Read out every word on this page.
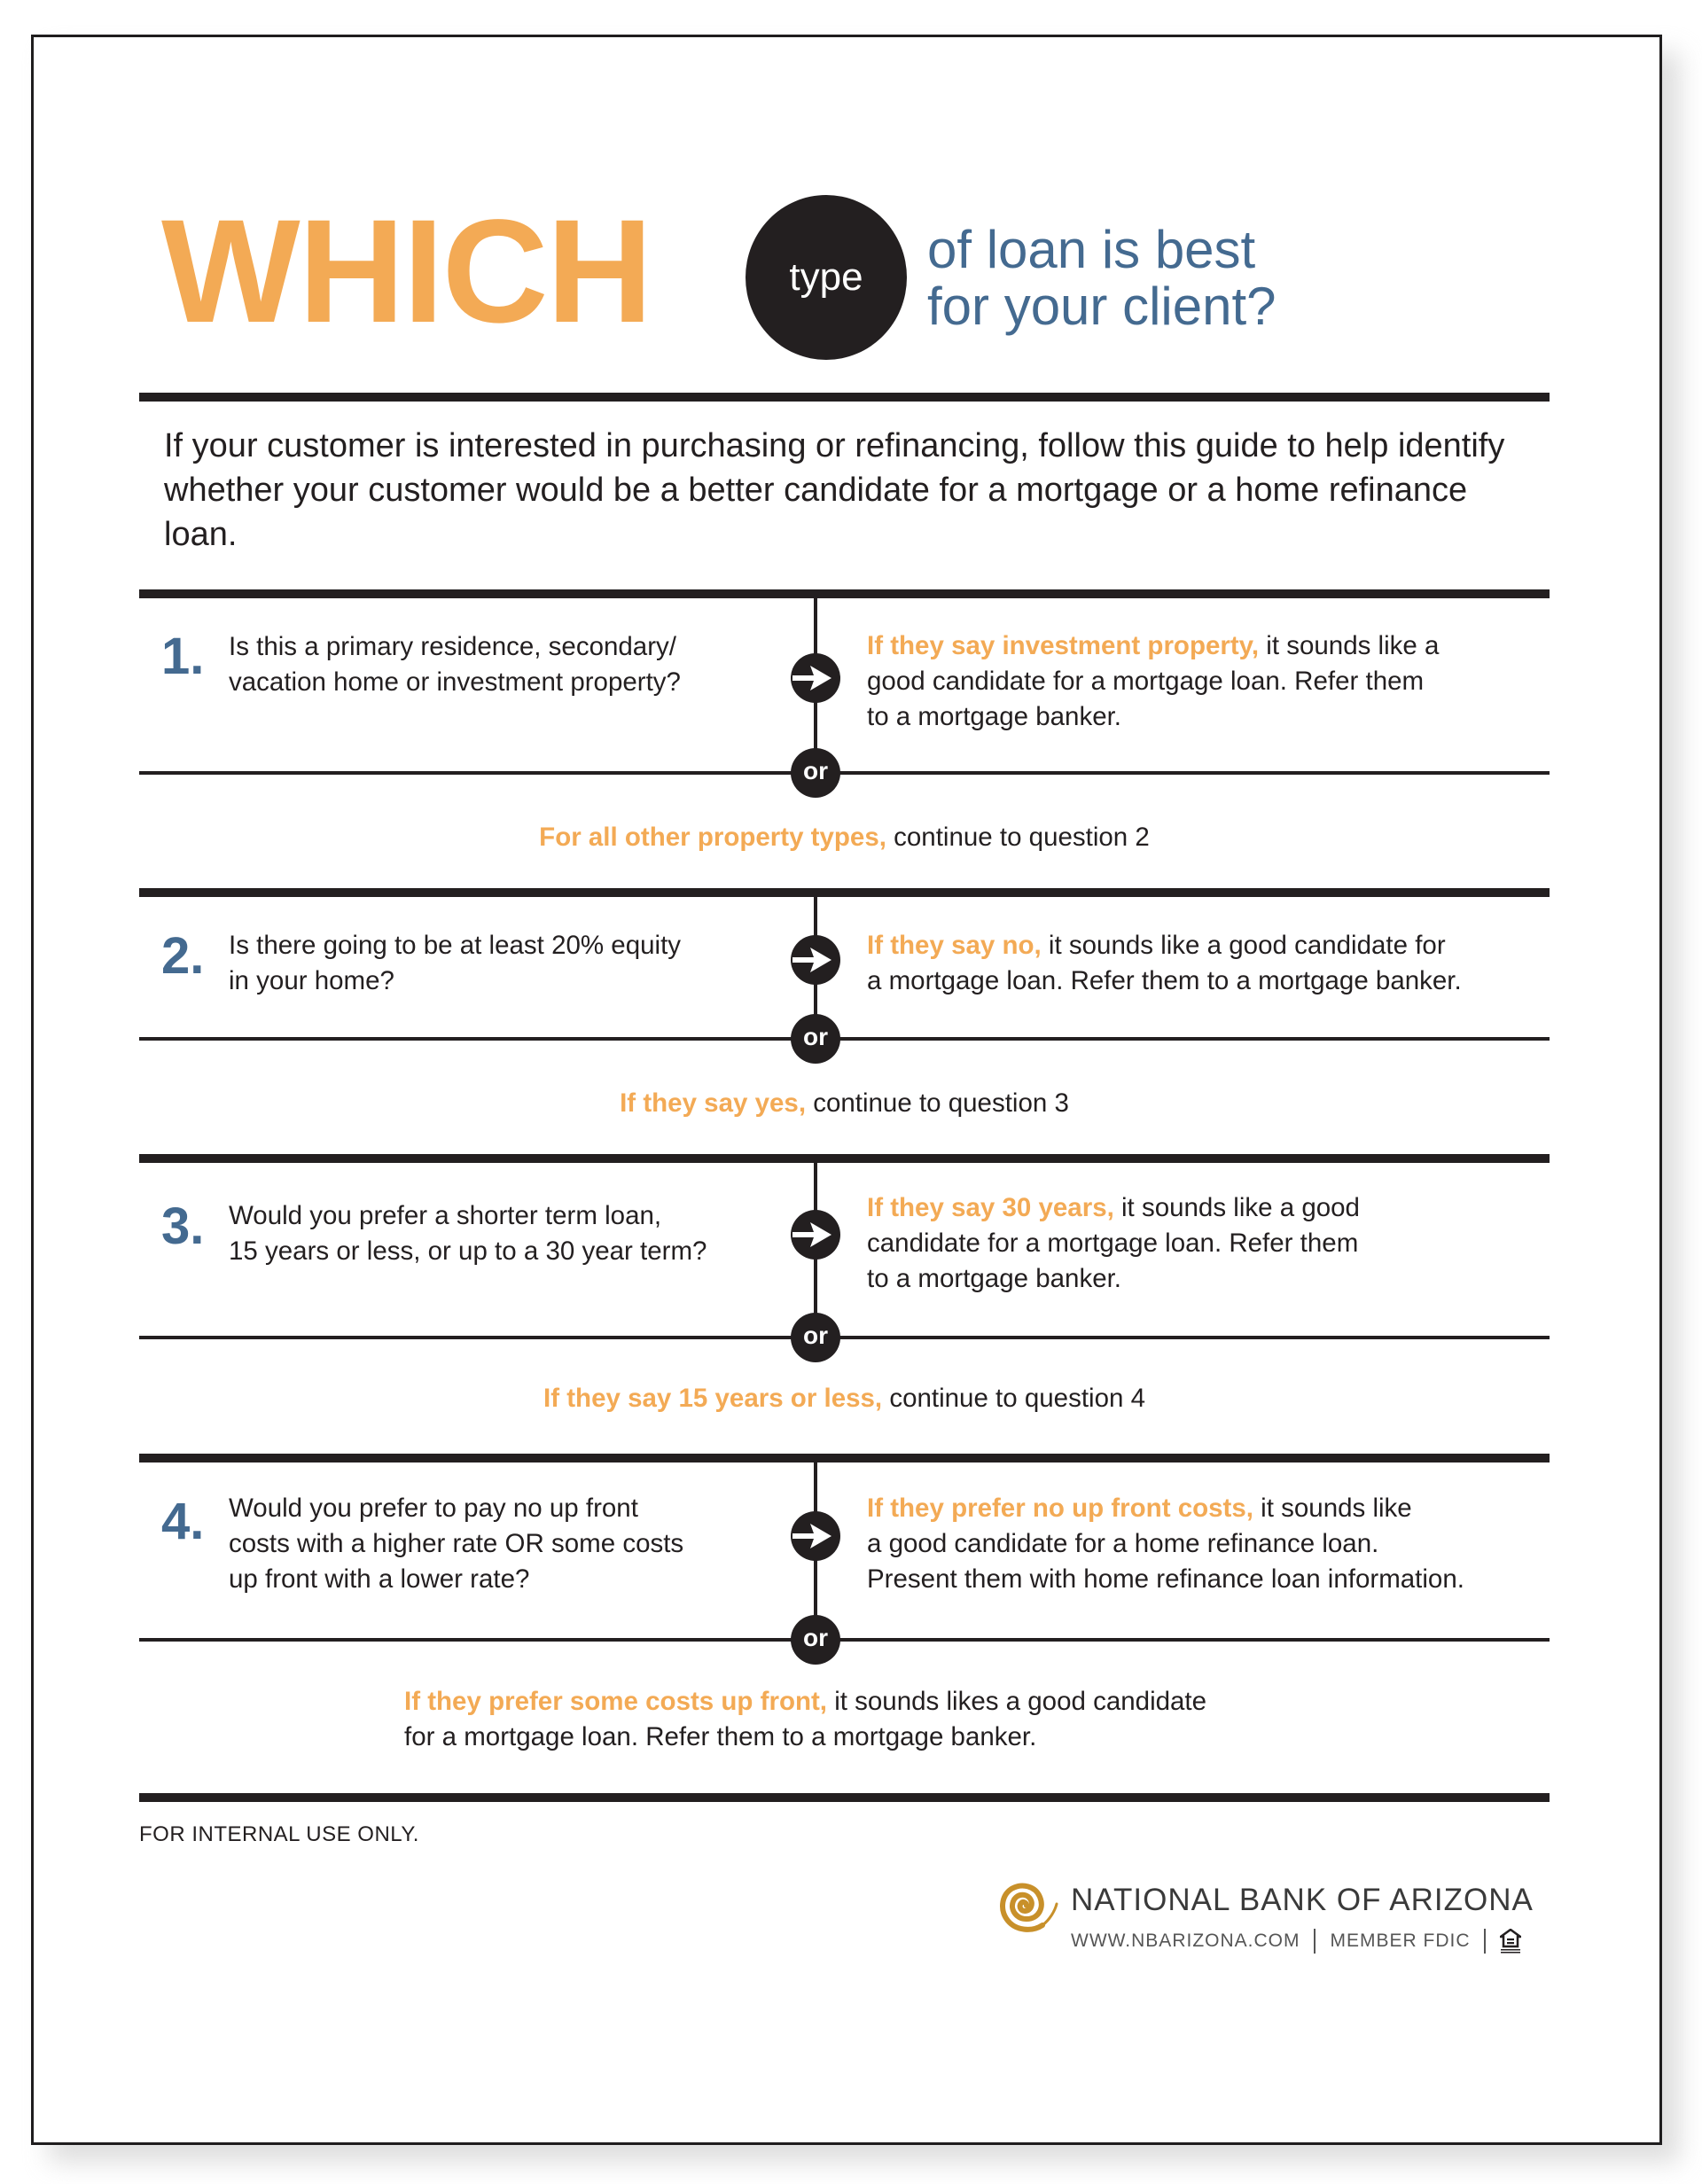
WHICH	type of loan is best
for your client?
If your customer is interested in purchasing or refinancing, follow this guide to help identify whether your customer would be a better candidate for a mortgage or a home refinance loan.
or
or
or
or
1. Is this a primary residence, secondary/
vacation home or investment property?
If they say investment property, it sounds like a
good candidate for a mortgage loan. Refer them
to a mortgage banker.
For all other property types, continue to question 2
2. Is there going to be at least 20% equity
in your home?
If they say no, it sounds like a good candidate for
a mortgage loan. Refer them to a mortgage banker.
If they say yes, continue to question 3
3. Would you prefer a shorter term loan,
15 years or less, or up to a 30 year term?
If they say 30 years, it sounds like a good
candidate for a mortgage loan. Refer them
to a mortgage banker.
If they say 15 years or less, continue to question 4
4. Would you prefer to pay no up front
costs with a higher rate OR some costs
up front with a lower rate?
If they prefer no up front costs, it sounds like
a good candidate for a home refinance loan.
Present them with home refinance loan information.
If they prefer some costs up front, it sounds likes a good candidate
for a mortgage loan. Refer them to a mortgage banker.
FOR INTERNAL USE ONLY.
NATIONAL BANK OF ARIZONA
WWW.NBARIZONA.COM MEMBER FDIC
